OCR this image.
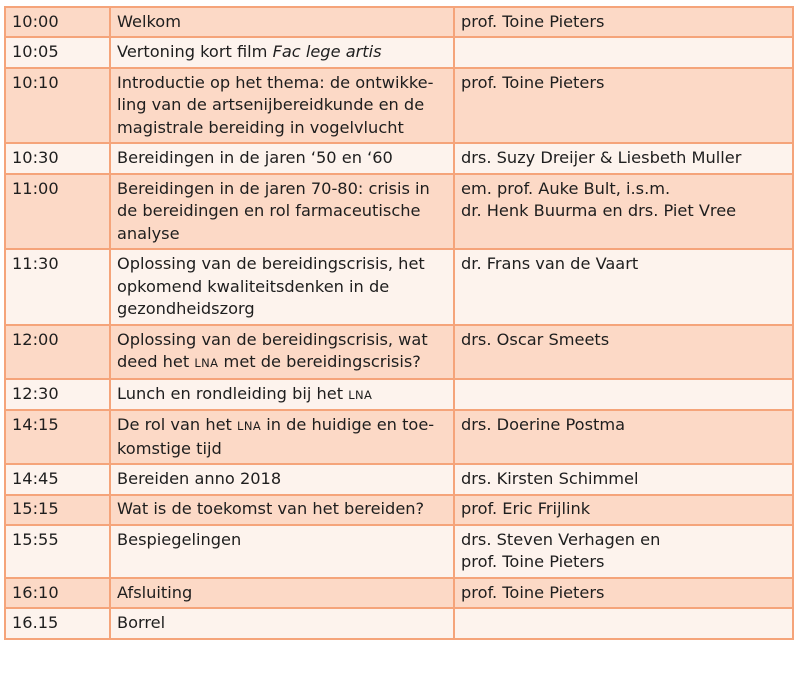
10:00	Welkom	prof. Toine Pieters
10:05	Vertoning kort film Fac lege artis	
10:10	Introductie op het thema: de ontwikke-
ling van de artsenijbereidkunde en de
magistrale bereiding in vogelvlucht	prof. Toine Pieters
10:30	Bereidingen in de jaren ‘50 en ‘60	drs. Suzy Dreijer & Liesbeth Muller
11:00	Bereidingen in de jaren 70-80: crisis in
de bereidingen en rol farmaceutische
analyse	em. prof. Auke Bult, i.s.m.
dr. Henk Buurma en drs. Piet Vree
11:30	Oplossing van de bereidingscrisis, het
opkomend kwaliteitsdenken in de
gezondheidszorg	dr. Frans van de Vaart
12:00	Oplossing van de bereidingscrisis, wat
deed het LNA met de bereidingscrisis?	drs. Oscar Smeets
12:30	Lunch en rondleiding bij het LNA	
14:15	De rol van het LNA in de huidige en toe-
komstige tijd	drs. Doerine Postma
14:45	Bereiden anno 2018	drs. Kirsten Schimmel
15:15	Wat is de toekomst van het bereiden?	prof. Eric Frijlink
15:55	Bespiegelingen	drs. Steven Verhagen en
prof. Toine Pieters
16:10	Afsluiting	prof. Toine Pieters
16.15	Borrel	
